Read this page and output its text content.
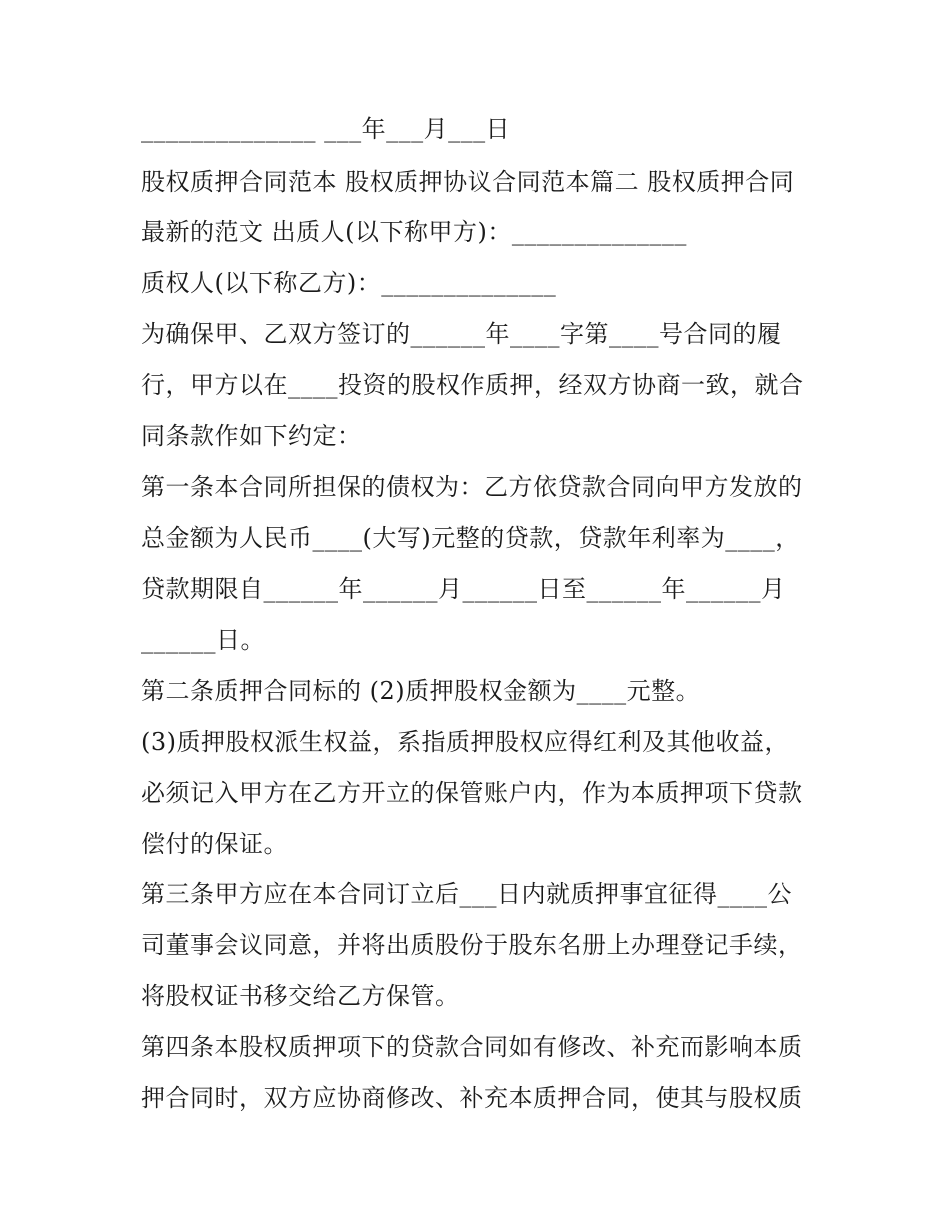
______________ ___年___月___日
股权质押合同范本 股权质押协议合同范本篇二 股权质押合同
最新的范文 出质人(以下称甲方)：______________
质权人(以下称乙方)：______________
为确保甲、乙双方签订的______年____字第____号合同的履
行，甲方以在____投资的股权作质押，经双方协商一致，就合
同条款作如下约定：
第一条本合同所担保的债权为：乙方依贷款合同向甲方发放的
总金额为人民币____(大写)元整的贷款，贷款年利率为____，
贷款期限自______年______月______日至______年______月
______日。
第二条质押合同标的 (2)质押股权金额为____元整。
(3)质押股权派生权益，系指质押股权应得红利及其他收益，
必须记入甲方在乙方开立的保管账户内，作为本质押项下贷款
偿付的保证。
第三条甲方应在本合同订立后___日内就质押事宜征得____公
司董事会议同意，并将出质股份于股东名册上办理登记手续，
将股权证书移交给乙方保管。
第四条本股权质押项下的贷款合同如有修改、补充而影响本质
押合同时，双方应协商修改、补充本质押合同，使其与股权质
